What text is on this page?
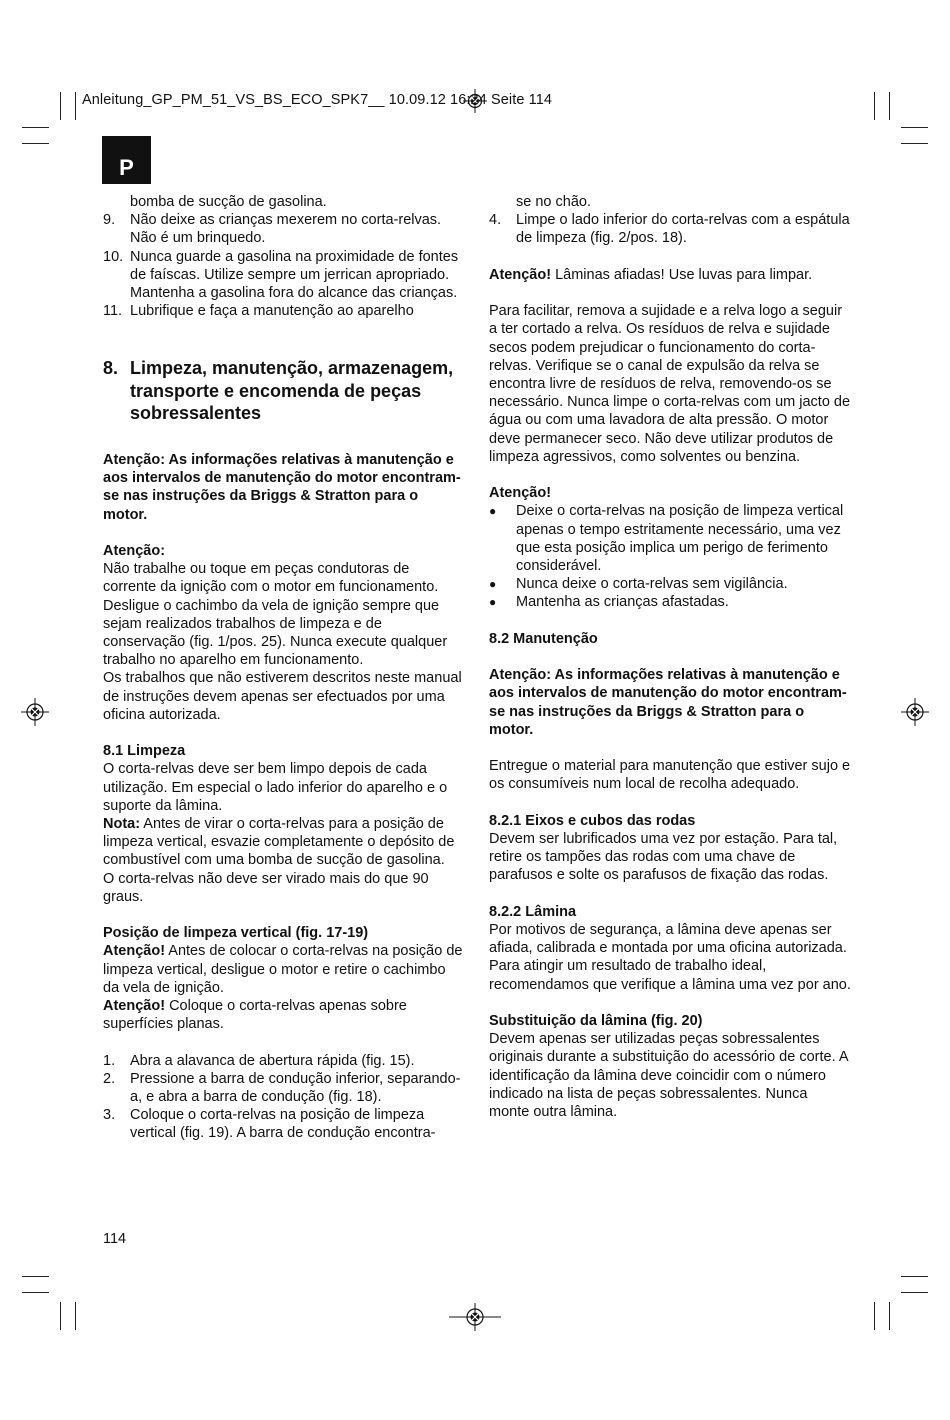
Anleitung_GP_PM_51_VS_BS_ECO_SPK7__ 10.09.12 16:24 Seite 114
P

bomba de sucção de gasolina.

9.	Não deixe as crianças mexerem no corta-relvas. Não é um brinquedo.
10. Nunca guarde a gasolina na proximidade de fontes de faíscas. Utilize sempre um jerrican apropriado. Mantenha a gasolina fora do alcance das crianças.
11. Lubrifique e faça a manutenção ao aparelho
8. Limpeza, manutenção, armazenagem, transporte e encomenda de peças sobressalentes

Atenção: As informações relativas à manutenção e aos intervalos de manutenção do motor encontram-se nas instruções da Briggs & Stratton para o motor.

Atenção:

Não trabalhe ou toque em peças condutoras de corrente da ignição com o motor em funcionamento. Desligue o cachimbo da vela de ignição sempre que sejam realizados trabalhos de limpeza e de conservação (fig. 1/pos. 25). Nunca execute qualquer trabalho no aparelho em funcionamento.

Os trabalhos que não estiverem descritos neste manual de instruções devem apenas ser efectuados por uma oficina autorizada.

8.1 Limpeza

O corta-relvas deve ser bem limpo depois de cada utilização. Em especial o lado inferior do aparelho e o suporte da lâmina.

Nota: Antes de virar o corta-relvas para a posição de limpeza vertical, esvazie completamente o depósito de combustível com uma bomba de sucção de gasolina.

O corta-relvas não deve ser virado mais do que 90 graus.

Posição de limpeza vertical (fig. 17-19)

Atenção! Antes de colocar o corta-relvas na posição de limpeza vertical, desligue o motor e retire o cachimbo da vela de ignição.

Atenção! Coloque o corta-relvas apenas sobre superfícies planas.

1.	Abra a alavanca de abertura rápida (fig. 15).
2.	Pressione a barra de condução inferior, separando-a, e abra a barra de condução (fig. 18).
3.	Coloque o corta-relvas na posição de limpeza vertical (fig. 19). A barra de condução encontra-

se no chão.

4.	Limpe o lado inferior do corta-relvas com a espátula de limpeza (fig. 2/pos. 18).

Atenção! Lâminas afiadas! Use luvas para limpar.

Para facilitar, remova a sujidade e a relva logo a seguir a ter cortado a relva. Os resíduos de relva e sujidade secos podem prejudicar o funcionamento do corta-relvas. Verifique se o canal de expulsão da relva se encontra livre de resíduos de relva, removendo-os se necessário. Nunca limpe o corta-relvas com um jacto de água ou com uma lavadora de alta pressão. O motor deve permanecer seco. Não deve utilizar produtos de limpeza agressivos, como solventes ou benzina.

Atenção!

●	Deixe o corta-relvas na posição de limpeza vertical apenas o tempo estritamente necessário, uma vez que esta posição implica um perigo de ferimento considerável.
●	Nunca deixe o corta-relvas sem vigilância.
●	Mantenha as crianças afastadas.

8.2 Manutenção

Atenção: As informações relativas à manutenção e aos intervalos de manutenção do motor encontram-se nas instruções da Briggs & Stratton para o motor.

Entregue o material para manutenção que estiver sujo e os consumíveis num local de recolha adequado.

8.2.1 Eixos e cubos das rodas

Devem ser lubrificados uma vez por estação. Para tal, retire os tampões das rodas com uma chave de parafusos e solte os parafusos de fixação das rodas.

8.2.2 Lâmina

Por motivos de segurança, a lâmina deve apenas ser afiada, calibrada e montada por uma oficina autorizada. Para atingir um resultado de trabalho ideal, recomendamos que verifique a lâmina uma vez por ano.

Substituição da lâmina (fig. 20)

Devem apenas ser utilizadas peças sobressalentes originais durante a substituição do acessório de corte. A identificação da lâmina deve coincidir com o número indicado na lista de peças sobressalentes. Nunca monte outra lâmina.

114
